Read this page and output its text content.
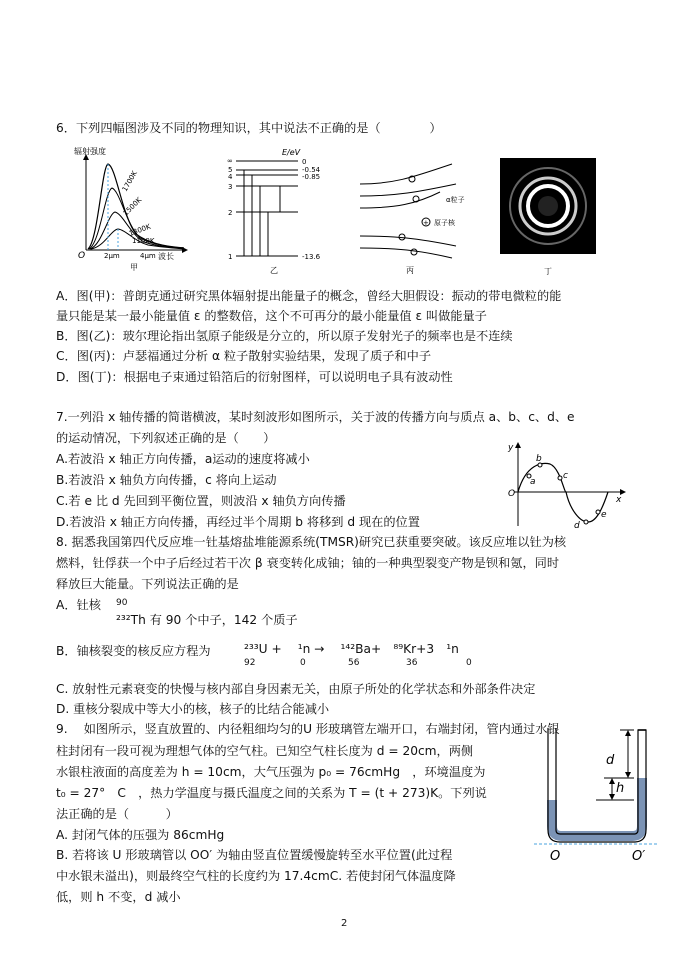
6．下列四幅图涉及不同的物理知识，其中说法不正确的是（　　　　）
辐射强度
波长
O	2μm	4μm
1700K
1500K
1300K
1100K
甲
E/eV
∞
5
4
3
2
1
0
-0.54
-0.85
-13.6
乙
+
α粒子
原子核
丙	丁
A．图(甲)：普朗克通过研究黑体辐射提出能量子的概念，曾经大胆假设：振动的带电微粒的能
量只能是某一最小能量值 ε 的整数倍，这个不可再分的最小能量值 ε 叫做能量子
B．图(乙)：玻尔理论指出氢原子能级是分立的，所以原子发射光子的频率也是不连续
C．图(丙)：卢瑟福通过分析 α 粒子散射实验结果，发现了质子和中子
D．图(丁)：根据电子束通过铅箔后的衍射图样，可以说明电子具有波动性
7.一列沿 x 轴传播的简谐横波，某时刻波形如图所示，关于波的传播方向与质点 a、b、c、d、e
的运动情况，下列叙述正确的是（　　）
A.若波沿 x 轴正方向传播，a运动的速度将减小
B.若波沿 x 轴负方向传播，c 将向上运动
C.若 e 比 d 先回到平衡位置，则波沿 x 轴负方向传播
D.若波沿 x 轴正方向传播，再经过半个周期 b 将移到 d 现在的位置
y
x
O
a
b
c
d
e
8. 据悉我国第四代反应堆一钍基熔盐堆能源系统(TMSR)研究已获重要突破。该反应堆以钍为核
燃料，钍俘获一个中子后经过若干次 β 衰变转化成铀；铀的一种典型裂变产物是钡和氪，同时
释放巨大能量。下列说法正确的是
A．钍核 90
²³²Th 有 90 个中子，142 个质子
B．铀核裂变的核反应方程为	²³³U +　 ¹n →　 ¹⁴²Ba+　⁸⁹Kr+3　¹n
92	0	56	36	0
C. 放射性元素衰变的快慢与核内部自身因素无关，由原子所处的化学状态和外部条件决定
D. 重核分裂成中等大小的核，核子的比结合能减小
9.　 如图所示，竖直放置的、内径粗细均匀的U 形玻璃管左端开口，右端封闭，管内通过水银
柱封闭有一段可视为理想气体的空气柱。已知空气柱长度为 d = 20cm，两侧
水银柱液面的高度差为 h = 10cm，大气压强为 p₀ = 76cmHg　，环境温度为
t₀ = 27°　C　，热力学温度与摄氏温度之间的关系为 T = (t + 273)K。下列说
法正确的是（　　　）
A. 封闭气体的压强为 86cmHg
B. 若将该 U 形玻璃管以 OO′ 为轴由竖直位置缓慢旋转至水平位置(此过程
中水银未溢出)，则最终空气柱的长度约为 17.4cmC. 若使封闭气体温度降
低，则 h 不变，d 减小
d
h
O	O′
2
